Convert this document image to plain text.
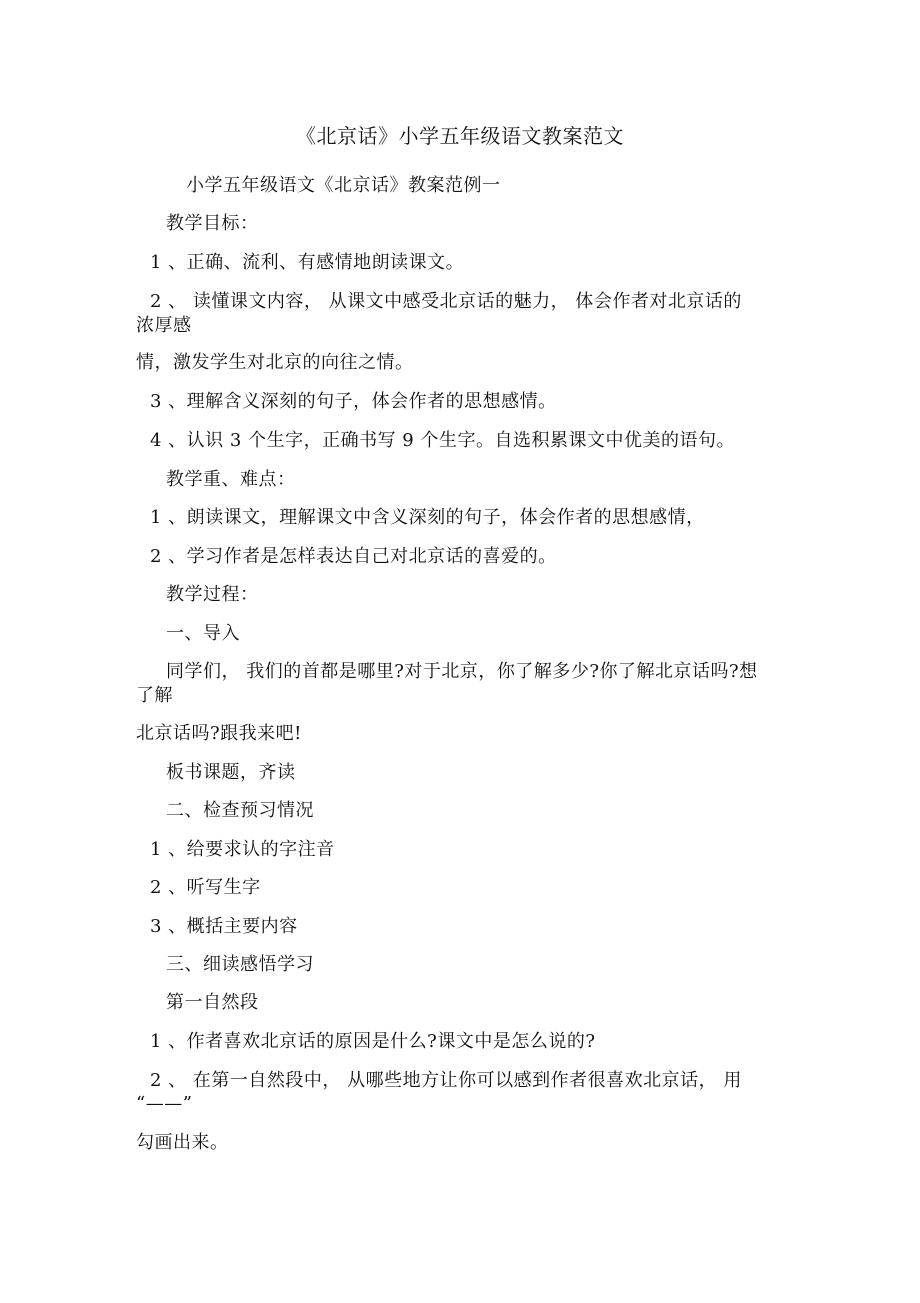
《北京话》小学五年级语文教案范文
小学五年级语文《北京话》教案范例一
教学目标：
1 、正确、流利、有感情地朗读课文。
2 、 读懂课文内容， 从课文中感受北京话的魅力， 体会作者对北京话的
浓厚感
情，激发学生对北京的向往之情。
3 、理解含义深刻的句子，体会作者的思想感情。
4 、认识 3 个生字，正确书写 9 个生字。自选积累课文中优美的语句。
教学重、难点：
1 、朗读课文，理解课文中含义深刻的句子，体会作者的思想感情，
2 、学习作者是怎样表达自己对北京话的喜爱的。
教学过程：
一、导入
同学们， 我们的首都是哪里?对于北京，你了解多少?你了解北京话吗?想
了解
北京话吗?跟我来吧!
板书课题，齐读
二、检查预习情况
1 、给要求认的字注音
2 、听写生字
3 、概括主要内容
三、细读感悟学习
第一自然段
1 、作者喜欢北京话的原因是什么?课文中是怎么说的?
2 、 在第一自然段中， 从哪些地方让你可以感到作者很喜欢北京话， 用
“——”
勾画出来。
